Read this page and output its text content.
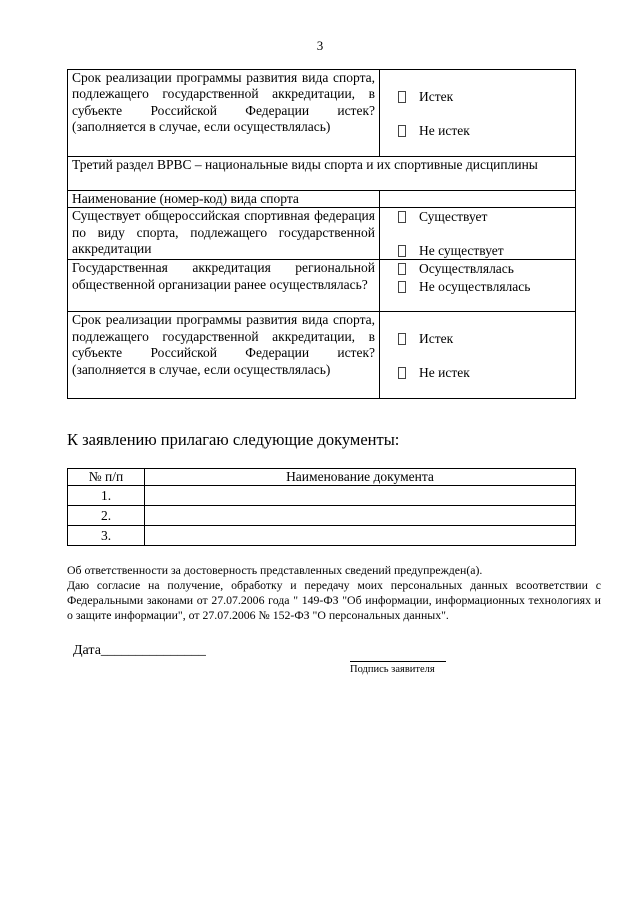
3
Срок реализации программы развития вида спорта, подлежащего государственной аккредитации, в субъекте Российской Федерации истек? (заполняется в случае, если осуществлялась)	Истек
Не истек

Третий раздел ВРВС – национальные виды спорта и их спортивные дисциплины	
Наименование (номер-код) вида спорта	
Существует общероссийская спортивная федерация по виду спорта, подлежащего государственной аккредитации	Существует
Не существует

Государственная аккредитация региональной общественной организации ранее осуществлялась?	Осуществлялась
Не осуществлялась

Срок реализации программы развития вида спорта, подлежащего государственной аккредитации, в субъекте Российской Федерации истек? (заполняется в случае, если осуществлялась)	Истек
Не истек
К заявлению прилагаю следующие документы:
№ п/п	Наименование документа
1.	
2.	
3.	

Об ответственности за достоверность представленных сведений предупрежден(а).

Даю согласие на получение, обработку и передачу моих персональных данных всоответствии с Федеральными законами от 27.07.2006 года " 149-ФЗ "Об информации, информационных технологиях и о защите информации", от 27.07.2006 № 152-ФЗ "О персональных данных".

Дата_______________
Подпись заявителя
